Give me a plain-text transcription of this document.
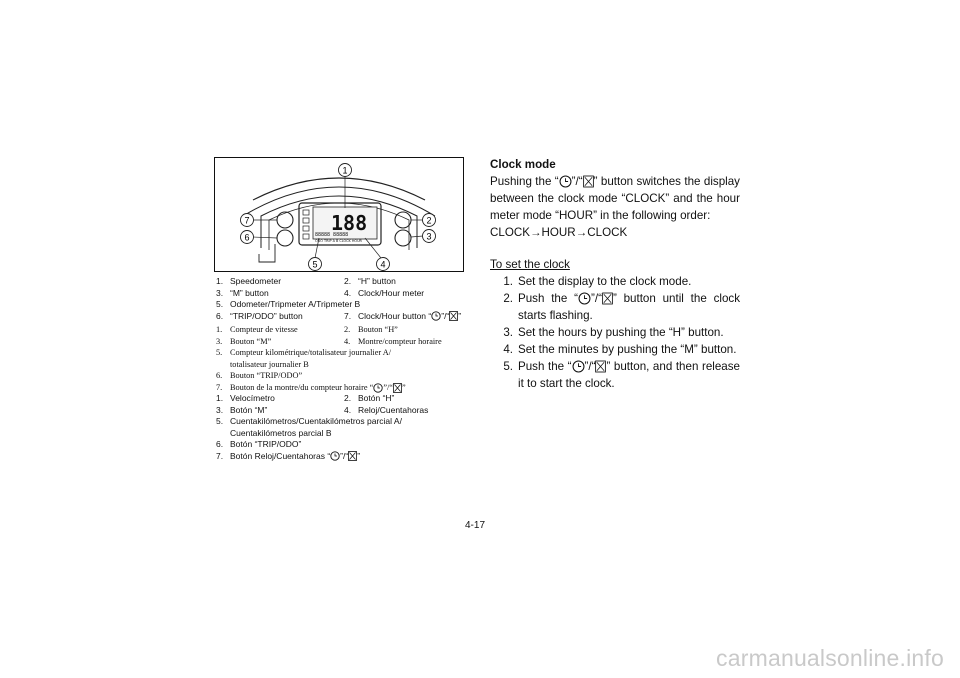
188
88888 88888
ODO TRIP A B CLOCK HOUR
1
2
3
4
5
6
7
1. Speedometer	2. “H” button
3. “M” button	4. Clock/Hour meter
5. Odometer/Tripmeter A/Tripmeter B
6. “TRIP/ODO” button	7. Clock/Hour button “ ”/“ ”
1. Compteur de vitesse	2. Bouton “H”
3. Bouton “M”	4. Montre/compteur horaire
5. Compteur kilométrique/totalisateur journalier A/
totalisateur journalier B
6. Bouton “TRIP/ODO”
7. Bouton de la montre/du compteur horaire “ ”/“ ”
1. Velocímetro	2. Botón “H”
3. Botón “M”	4. Reloj/Cuentahoras
5. Cuentakilómetros/Cuentakilómetros parcial A/
Cuentakilómetros parcial B
6. Botón “TRIP/ODO”
7. Botón Reloj/Cuentahoras “ ”/“ ”
Clock mode

Pushing the “ ”/“ ” button switches the display between the clock mode “CLOCK” and the hour meter mode “HOUR” in the following order:

CLOCK→HOUR→CLOCK
To set the clock
1. Set the display to the clock mode.
2. Push the “ ”/“ ” button until the clock starts flashing.
3. Set the hours by pushing the “H” button.
4. Set the minutes by pushing the “M” button.
5. Push the “ ”/“ ” button, and then release it to start the clock.
4-17
carmanualsonline.info
